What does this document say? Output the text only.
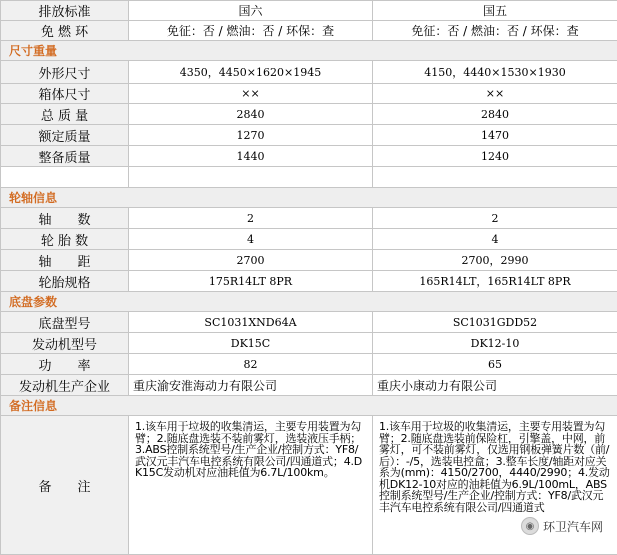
排放标准	国六	国五
免 燃 环	免征：否 / 燃油：否 / 环保：查	免征：否 / 燃油：否 / 环保：查
尺寸重量		
外形尺寸	4350，4450×1620×1945	4150，4440×1530×1930
箱体尺寸	××	××
总 质 量	2840	2840
额定质量	1270	1470
整备质量	1440	1240

轮轴信息		
轴　　数	2	2
轮 胎 数	4	4
轴　　距	2700	2700，2990
轮胎规格	175R14LT 8PR	165R14LT，165R14LT 8PR
底盘参数		
底盘型号	SC1031XND64A	SC1031GDD52
发动机型号	DK15C	DK12-10
功　　率	82	65
发动机生产企业	重庆渝安淮海动力有限公司	重庆小康动力有限公司
备注信息		
备　　注	1.该车用于垃圾的收集清运，主要专用装置为勾臂；2.随底盘选装不装前雾灯，选装液压手柄；3.ABS控制系统型号/生产企业/控制方式：YF8/武汉元丰汽车电控系统有限公司/四通道式；4.DK15C发动机对应油耗值为6.7L/100km。	1.该车用于垃圾的收集清运，主要专用装置为勾臂；2.随底盘选装前保险杠，引擎盖，中网，前雾灯，可不装前雾灯，仅选用钢板弹簧片数（前/后）：-/5，选装电控盒；3.整车长度/轴距对应关系为(mm)：4150/2700，4440/2990；4.发动机DK12-10对应的油耗值为6.9L/100mL，ABS控制系统型号/生产企业/控制方式：YF8/武汉元丰汽车电控系统有限公司/四通道式
◉ 环卫汽车网
